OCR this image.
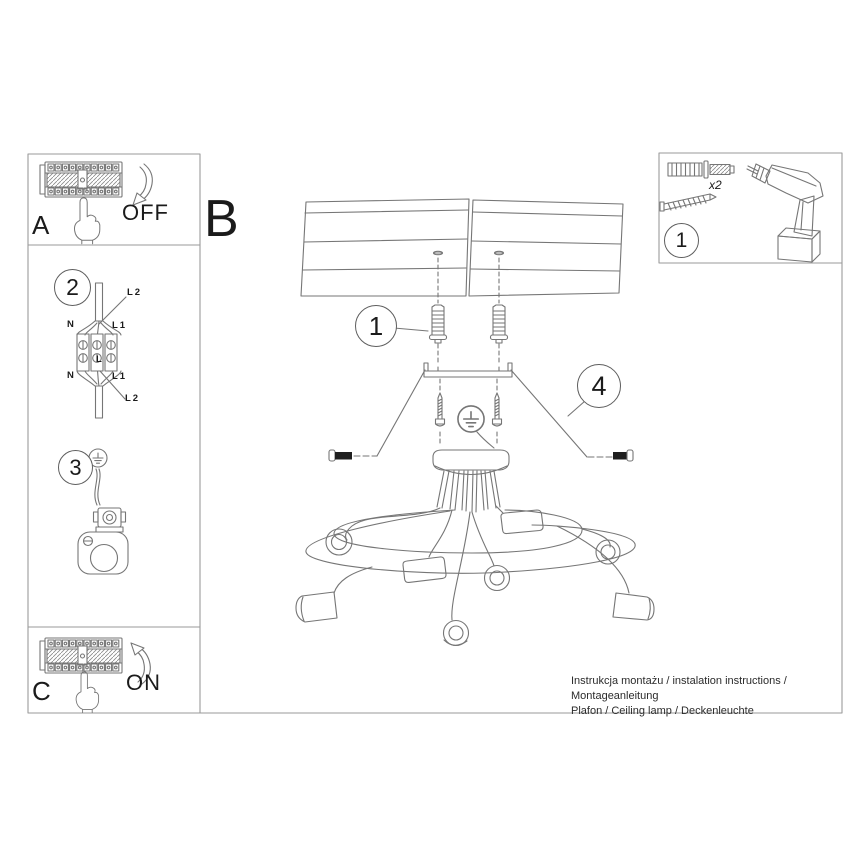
A	OFF B
C	ON
2
3
1
4
1
L2
N	L1
L
N	L1
L2
x2
Instrukcja montażu / instalation instructions / Montageanleitung
Plafon / Ceiling lamp / Deckenleuchte
